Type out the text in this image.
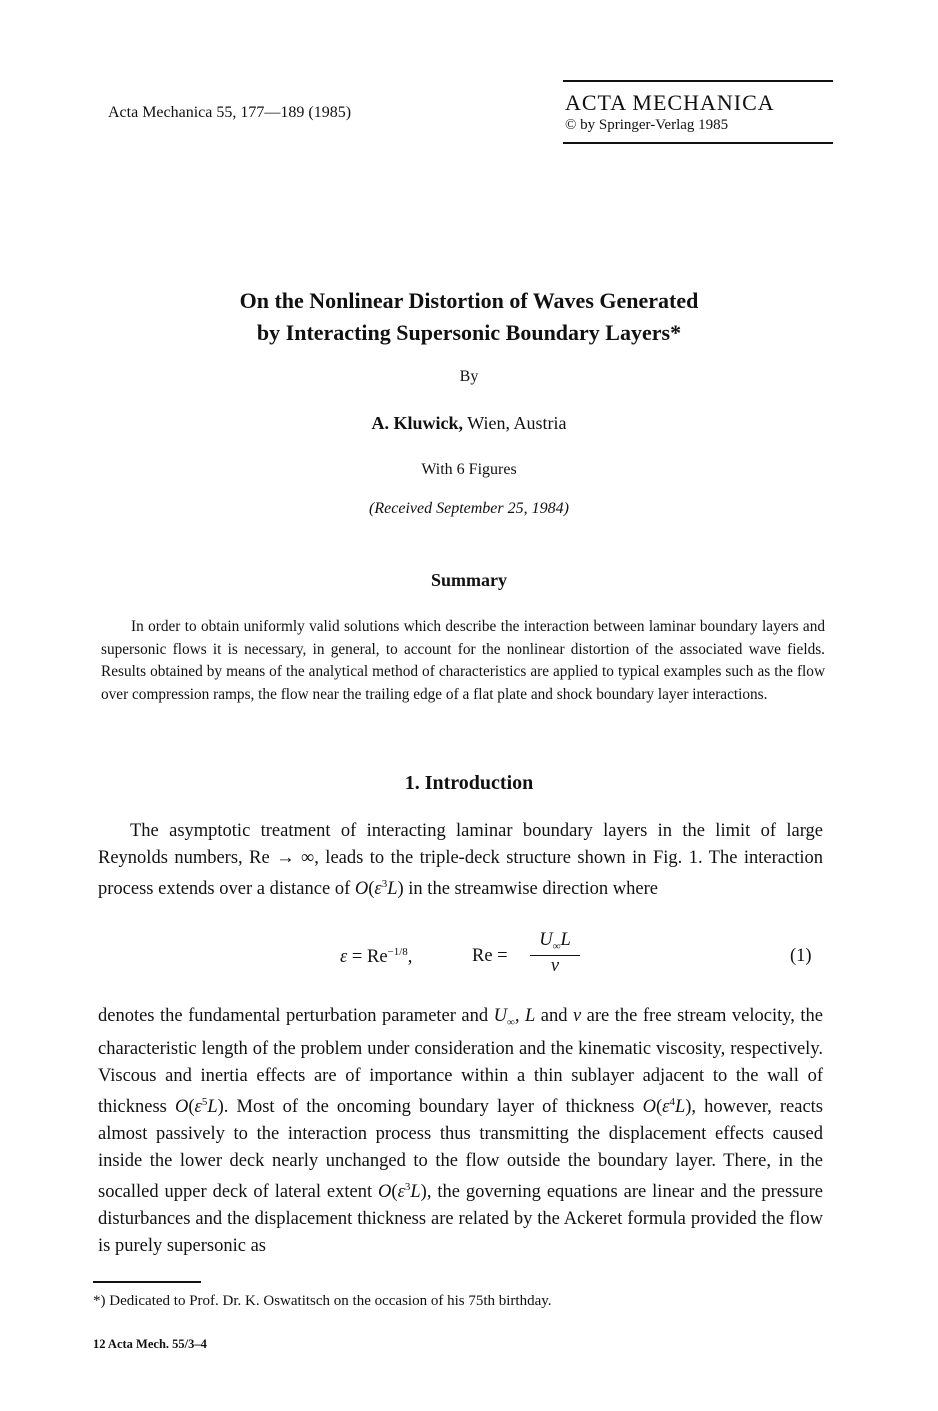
Acta Mechanica 55, 177—189 (1985)	ACTA MECHANICA
© by Springer-Verlag 1985
On the Nonlinear Distortion of Waves Generated
by Interacting Supersonic Boundary Layers*
By
A. Kluwick, Wien, Austria
With 6 Figures
(Received September 25, 1984)
Summary
In order to obtain uniformly valid solutions which describe the interaction between laminar boundary layers and supersonic flows it is necessary, in general, to account for the nonlinear distortion of the associated wave fields. Results obtained by means of the analytical method of characteristics are applied to typical examples such as the flow over compression ramps, the flow near the trailing edge of a flat plate and shock boundary layer interactions.
1. Introduction
The asymptotic treatment of interacting laminar boundary layers in the limit of large Reynolds numbers, Re → ∞, leads to the triple-deck structure shown in Fig. 1. The interaction process extends over a distance of $O(\varepsilon^3L)$ in the streamwise direction where
$\varepsilon = Re^{-1/8}$,	$Re = \frac{U_\infty L}{\nu}$	(1)
denotes the fundamental perturbation parameter and $U_\infty$, L and ν are the free stream velocity, the characteristic length of the problem under consideration and the kinematic viscosity, respectively. Viscous and inertia effects are of importance within a thin sublayer adjacent to the wall of thickness $O(\varepsilon^5L)$. Most of the oncoming boundary layer of thickness $O(\varepsilon^4L)$, however, reacts almost passively to the interaction process thus transmitting the displacement effects caused inside the lower deck nearly unchanged to the flow outside the boundary layer. There, in the socalled upper deck of lateral extent $O(\varepsilon^3L)$, the governing equations are linear and the pressure disturbances and the displacement thickness are related by the Ackeret formula provided the flow is purely supersonic as
*) Dedicated to Prof. Dr. K. Oswatitsch on the occasion of his 75th birthday.
12 Acta Mech. 55/3–4
